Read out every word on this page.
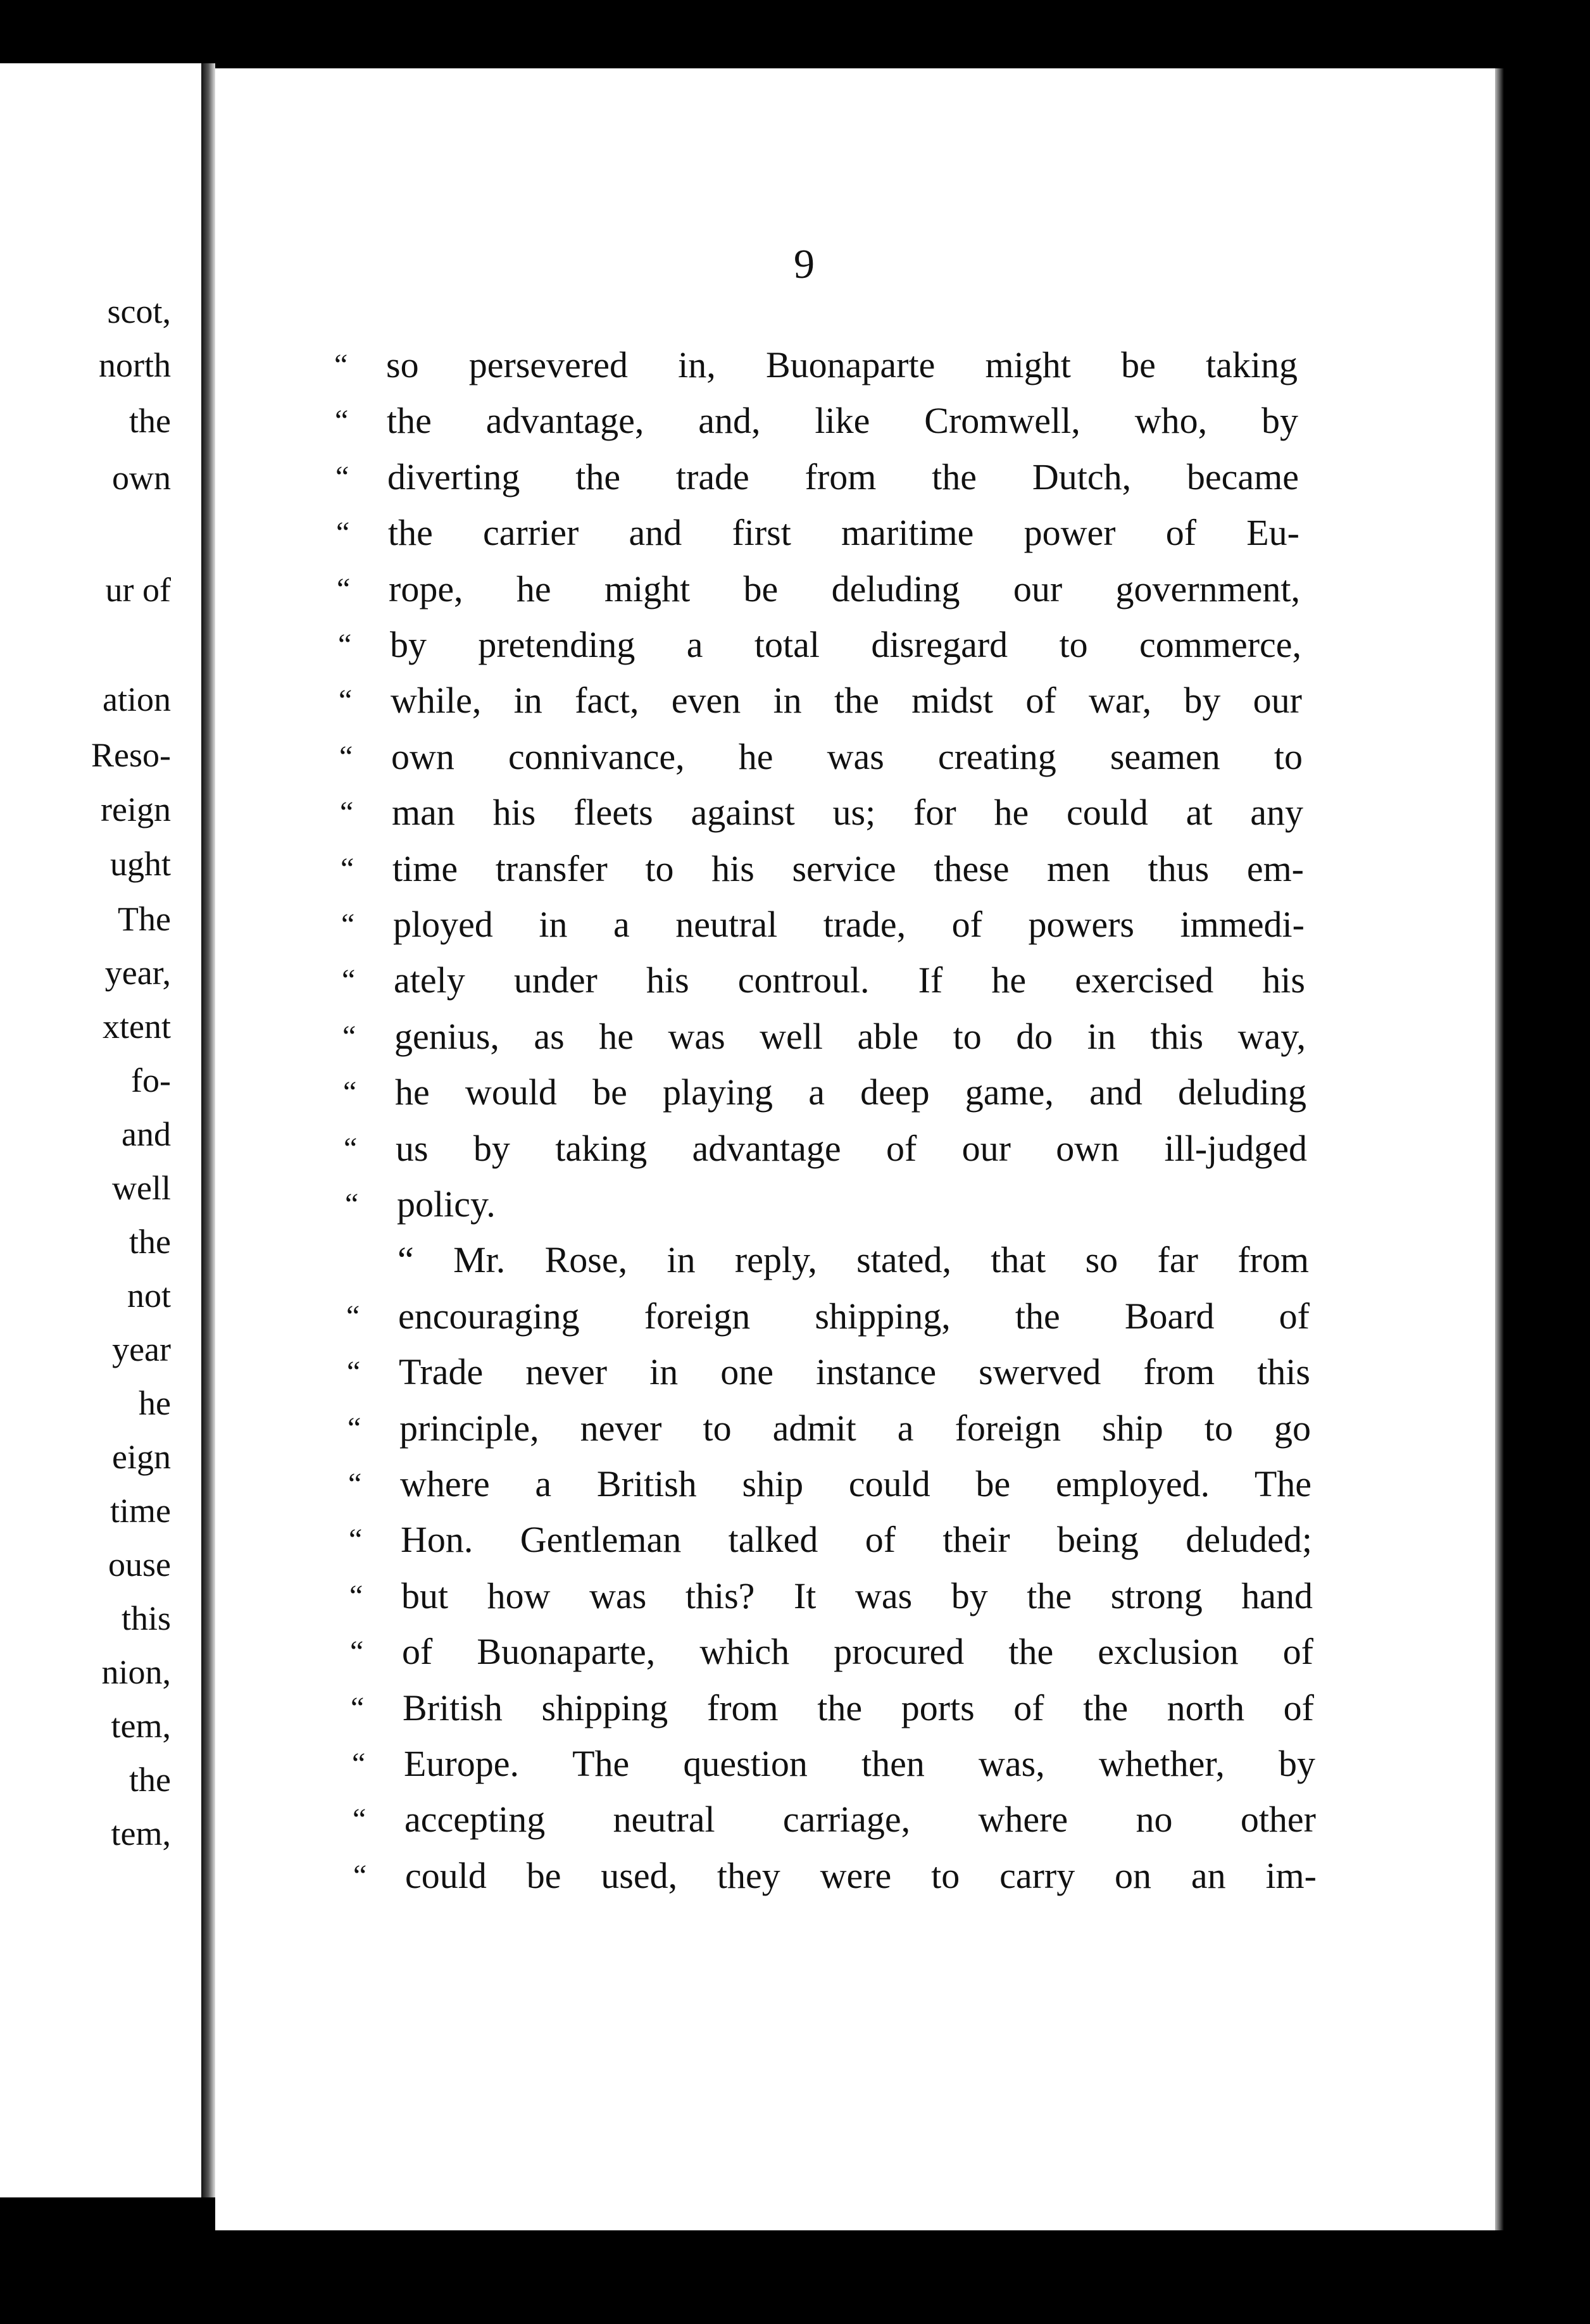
scot,
north
the
own
ur of
ation
Reso-
reign
ught
The
year,
xtent
fo-
and
well
the
not
year
he
eign
time
ouse
this
nion,
tem,
the
tem,
9
“ so persevered in, Buonaparte might be taking
“ the advantage, and, like Cromwell, who, by
“ diverting the trade from the Dutch, became
“ the carrier and first maritime power of Eu-
“ rope, he might be deluding our government,
“ by pretending a total disregard to commerce,
“ while, in fact, even in the midst of war, by our
“ own connivance, he was creating seamen to
“ man his fleets against us; for he could at any
“ time transfer to his service these men thus em-
“ ployed in a neutral trade, of powers immedi-
“ ately under his controul. If he exercised his
“ genius, as he was well able to do in this way,
“ he would be playing a deep game, and deluding
“ us by taking advantage of our own ill-judged
“ policy.
“ Mr. Rose, in reply, stated, that so far from
“ encouraging foreign shipping, the Board of
“ Trade never in one instance swerved from this
“ principle, never to admit a foreign ship to go
“ where a British ship could be employed. The
“ Hon. Gentleman talked of their being deluded;
“ but how was this? It was by the strong hand
“ of Buonaparte, which procured the exclusion of
“ British shipping from the ports of the north of
“ Europe. The question then was, whether, by
“ accepting neutral carriage, where no other
“ could be used, they were to carry on an im-
